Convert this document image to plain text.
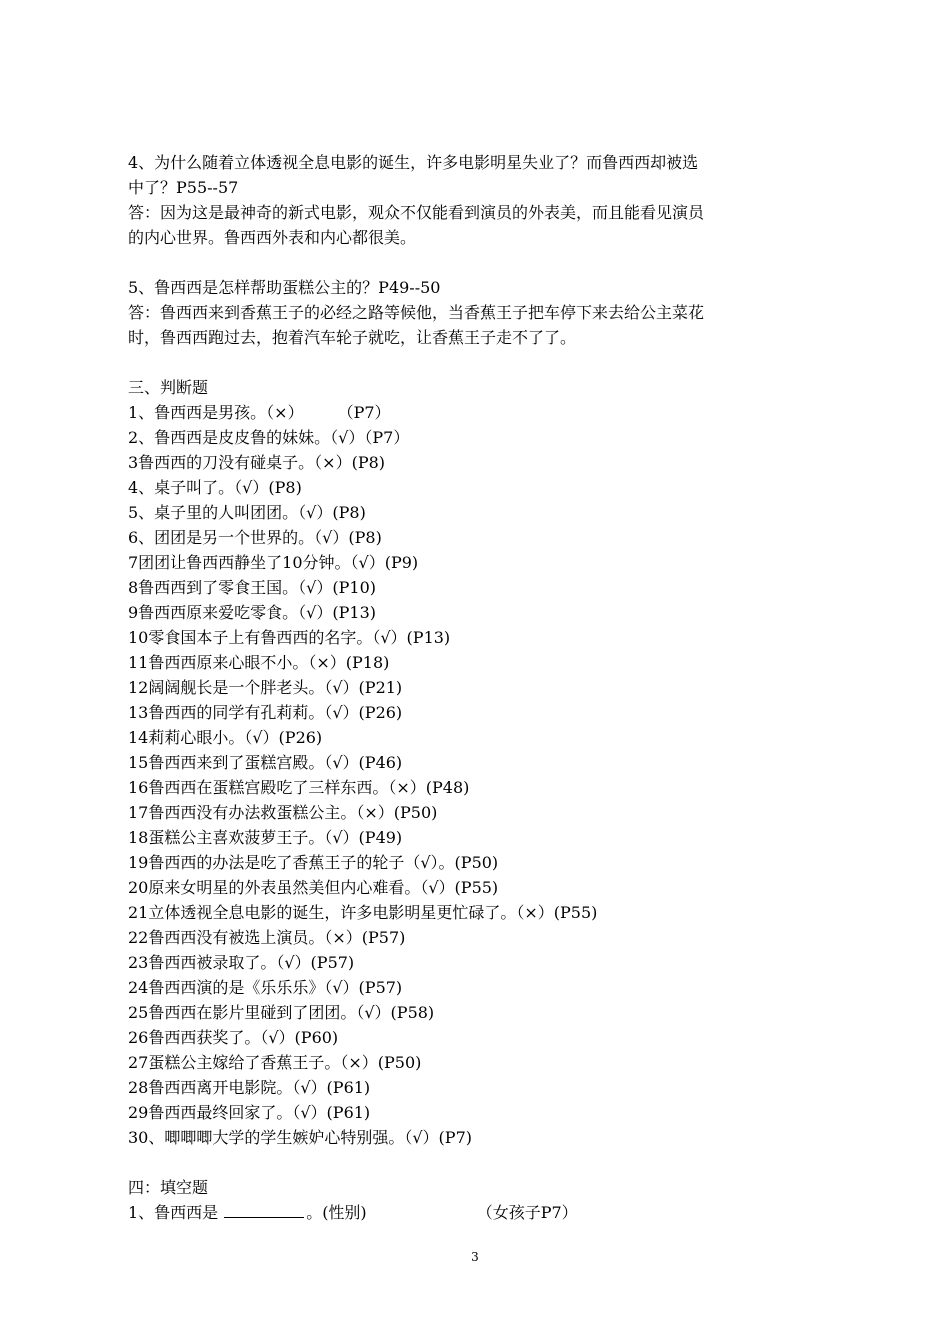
4、为什么随着立体透视全息电影的诞生，许多电影明星失业了？而鲁西西却被选
中了？P55--57
答：因为这是最神奇的新式电影，观众不仅能看到演员的外表美，而且能看见演员
的内心世界。鲁西西外表和内心都很美。
5、鲁西西是怎样帮助蛋糕公主的？P49--50
答：鲁西西来到香蕉王子的必经之路等候他，当香蕉王子把车停下来去给公主菜花
时，鲁西西跑过去，抱着汽车轮子就吃，让香蕉王子走不了了。
三、判断题
1、鲁西西是男孩。（×） （P7）
2、鲁西西是皮皮鲁的妹妹。（√）（P7）
3鲁西西的刀没有碰桌子。（×）(P8)
4、桌子叫了。（√）(P8)
5、桌子里的人叫团团。（√）(P8)
6、团团是另一个世界的。（√）(P8)
7团团让鲁西西静坐了10分钟。（√）(P9)
8鲁西西到了零食王国。（√）(P10)
9鲁西西原来爱吃零食。（√）(P13)
10零食国本子上有鲁西西的名字。（√）(P13)
11鲁西西原来心眼不小。（×）(P18)
12阔阔舰长是一个胖老头。（√）(P21)
13鲁西西的同学有孔莉莉。（√）(P26)
14莉莉心眼小。（√）(P26)
15鲁西西来到了蛋糕宫殿。（√）(P46)
16鲁西西在蛋糕宫殿吃了三样东西。（×）(P48)
17鲁西西没有办法救蛋糕公主。（×）(P50)
18蛋糕公主喜欢菠萝王子。（√）(P49)
19鲁西西的办法是吃了香蕉王子的轮子（√）。(P50)
20原来女明星的外表虽然美但内心难看。（√）(P55)
21立体透视全息电影的诞生，许多电影明星更忙碌了。（×）(P55)
22鲁西西没有被选上演员。（×）(P57)
23鲁西西被录取了。（√）(P57)
24鲁西西演的是《乐乐乐》（√）(P57)
25鲁西西在影片里碰到了团团。（√）(P58)
26鲁西西获奖了。（√）(P60)
27蛋糕公主嫁给了香蕉王子。（×）(P50)
28鲁西西离开电影院。（√）(P61)
29鲁西西最终回家了。（√）(P61)
30、唧唧唧大学的学生嫉妒心特别强。（√）(P7)
四：填空题
1、鲁西西是	。(性别)	（女孩子P7）
3
